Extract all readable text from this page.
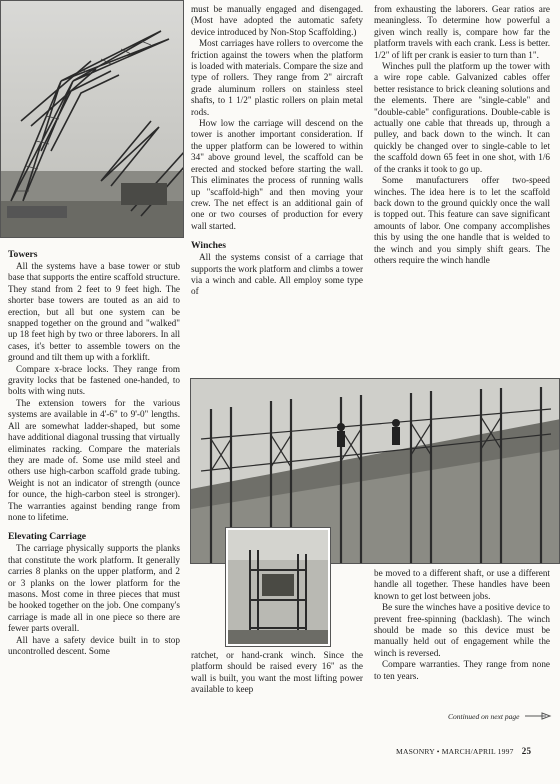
Towers

All the systems have a base tower or stub base that supports the entire scaffold structure. They stand from 2 feet to 9 feet high. The shorter base towers are touted as an aid to erection, but all but one system can be snapped together on the ground and "walked" up 18 feet high by two or three laborers. In all cases, it's better to assemble towers on the ground and tilt them up with a forklift.

Compare x-brace locks. They range from gravity locks that be fastened one-handed, to bolts with wing nuts.

The extension towers for the various systems are available in 4'-6" to 9'-0" lengths. All are somewhat ladder-shaped, but some have additional diagonal trussing that virtually eliminates racking. Compare the materials they are made of. Some use mild steel and others use high-carbon scaffold grade tubing. Weight is not an indicator of strength (ounce for ounce, the high-carbon steel is stronger). The warranties against bending range from none to lifetime.

Elevating Carriage

The carriage physically supports the planks that constitute the work platform. It generally carries 8 planks on the upper platform, and 2 or 3 planks on the lower platform for the masons. Most come in three pieces that must be hooked together on the job. One company's carriage is made all in one piece so there are fewer parts overall.

All have a safety device built in to stop uncontrolled descent. Some

must be manually engaged and disengaged. (Most have adopted the automatic safety device introduced by Non-Stop Scaffolding.)

Most carriages have rollers to overcome the friction against the towers when the platform is loaded with materials. Compare the size and type of rollers. They range from 2" aircraft grade aluminum rollers on stainless steel shafts, to 1 1/2" plastic rollers on plain metal rods.

How low the carriage will descend on the tower is another important consideration. If the upper platform can be lowered to within 34" above ground level, the scaffold can be erected and stocked before starting the wall. This eliminates the process of running walls up "scaffold-high" and then moving your crew. The net effect is an additional gain of one or two courses of production for every wall started.

Winches

All the systems consist of a carriage that supports the work platform and climbs a tower via a winch and cable. All employ some type of

ratchet, or hand-crank winch. Since the platform should be raised every 16" as the wall is built, you want the most lifting power available to keep

from exhausting the laborers. Gear ratios are meaningless. To determine how powerful a given winch really is, compare how far the platform travels with each crank. Less is better. 1/2" of lift per crank is easier to turn than 1".

Winches pull the platform up the tower with a wire rope cable. Galvanized cables offer better resistance to brick cleaning solutions and the elements. There are "single-cable" and "double-cable" configurations. Double-cable is actually one cable that threads up, through a pulley, and back down to the winch. It can quickly be changed over to single-cable to let the scaffold down 65 feet in one shot, with 1/6 of the cranks it took to go up.

Some manufacturers offer two-speed winches. The idea here is to let the scaffold back down to the ground quickly once the wall is topped out. This feature can save significant amounts of labor. One company accomplishes this by using the one handle that is welded to the winch and you simply shift gears. The others require the winch handle

be moved to a different shaft, or use a different handle all together. These handles have been known to get lost between jobs.

Be sure the winches have a positive device to prevent free-spinning (backlash). The winch should be made so this device must be manually held out of engagement while the winch is reversed.

Compare warranties. They range from none to ten years.

Continued on next page
MASONRY • MARCH/APRIL 1997 25
